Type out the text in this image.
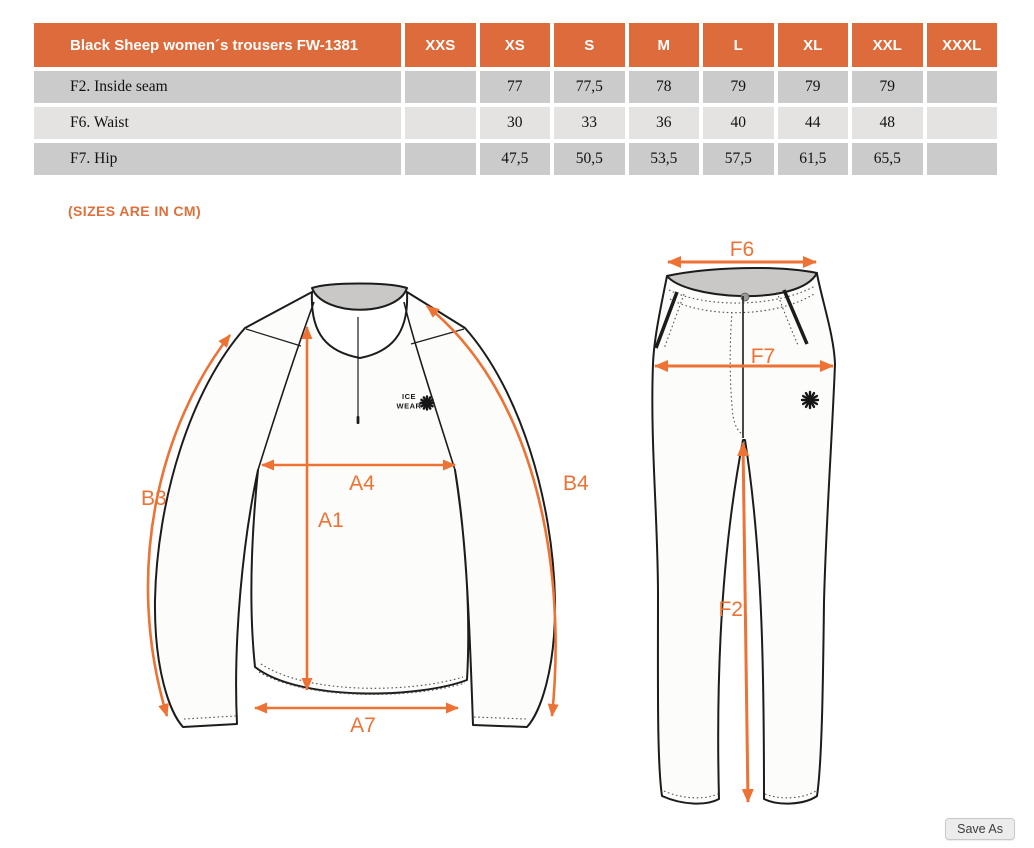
Black Sheep women´s trousers FW-1381	XXS	XS	S	M	L	XL	XXL	XXXL
F2. Inside seam		77	77,5	78	79	79	79	
F6. Waist		30	33	36	40	44	48	
F7. Hip		47,5	50,5	53,5	57,5	61,5	65,5	
(SIZES ARE IN CM)
ICE
WEAR
B3
B4
A4
A1
A7
F6
F7
F2
Save As
